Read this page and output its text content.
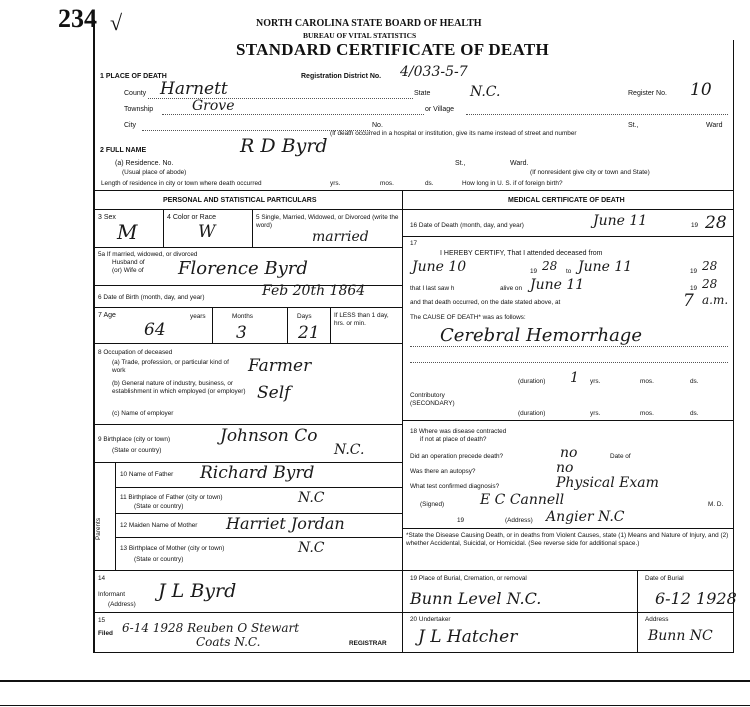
234 √	NORTH CAROLINA STATE BOARD OF HEALTH
BUREAU OF VITAL STATISTICS
STANDARD CERTIFICATE OF DEATH
1 PLACE OF DEATH	Registration District No. 4/033-5-7
County Harnett	State	N.C.	Register No. 10
Township	Grove	or Village
City	No.	St.,	Ward
(If death occurred in a hospital or institution, give its name instead of street and number
2 FULL NAME	R D Byrd
(a) Residence. No.
(Usual place of abode)
St.,	Ward.
(If nonresident give city or town and State)
Length of residence in city or town where death occurred	yrs.	mos.	ds.	How long in U. S. if of foreign birth?
PERSONAL AND STATISTICAL PARTICULARS
3 Sex
M
4 Color or Race
W
5 Single, Married, Widowed, or Divorced (write the word)
married
5a If married, widowed, or divorced
Husband of
(or) Wife of Florence Byrd
6 Date of Birth (month, day, and year)	Feb 20th 1864
7 Age
64
years	Months
3
Days
21
If LESS than 1 day, hrs. or min.
8 Occupation of deceased
(a) Trade, profession, or particular kind of work	Farmer
(b) General nature of industry, business, or establishment in which employed (or employer) Self
(c) Name of employer
9 Birthplace (city or town)
(State or country)
Johnson Co
N.C.
Parents
10 Name of Father Richard Byrd
11 Birthplace of Father (city or town)
(State or country)
N.C
12 Maiden Name of Mother Harriet Jordan
13 Birthplace of Mother (city or town)
(State or country)
N.C
14
Informant J L Byrd
(Address)
15
Filed 6-14 1928 Reuben O Stewart
Coats N.C.	REGISTRAR
MEDICAL CERTIFICATE OF DEATH
16 Date of Death (month, day, and year)	June 11	19 28
17
I HEREBY CERTIFY, That I attended deceased from
June 10	19 28 to June 11	19 28
that I last saw h	alive on June 11	19 28
and that death occurred, on the date stated above, at	7 a.m.
The CAUSE OF DEATH* was as follows:
Cerebral Hemorrhage
(duration) 1 yrs.	mos.	ds.
Contributory
(SECONDARY)
(duration)	yrs.	mos.	ds.
18 Where was disease contracted
if not at place of death?
Did an operation precede death?	no	Date of
Was there an autopsy?	no
What test confirmed diagnosis?	Physical Exam
(Signed)	E C Cannell	M. D.
19	(Address) Angier N.C
*State the Disease Causing Death, or in deaths from Violent Causes, state (1) Means and Nature of Injury, and (2) whether Accidental, Suicidal, or Homicidal. (See reverse side for additional space.)
19 Place of Burial, Cremation, or removal
Bunn Level N.C.
Date of Burial
6-12 1928
20 Undertaker
J L Hatcher
Address
Bunn NC
